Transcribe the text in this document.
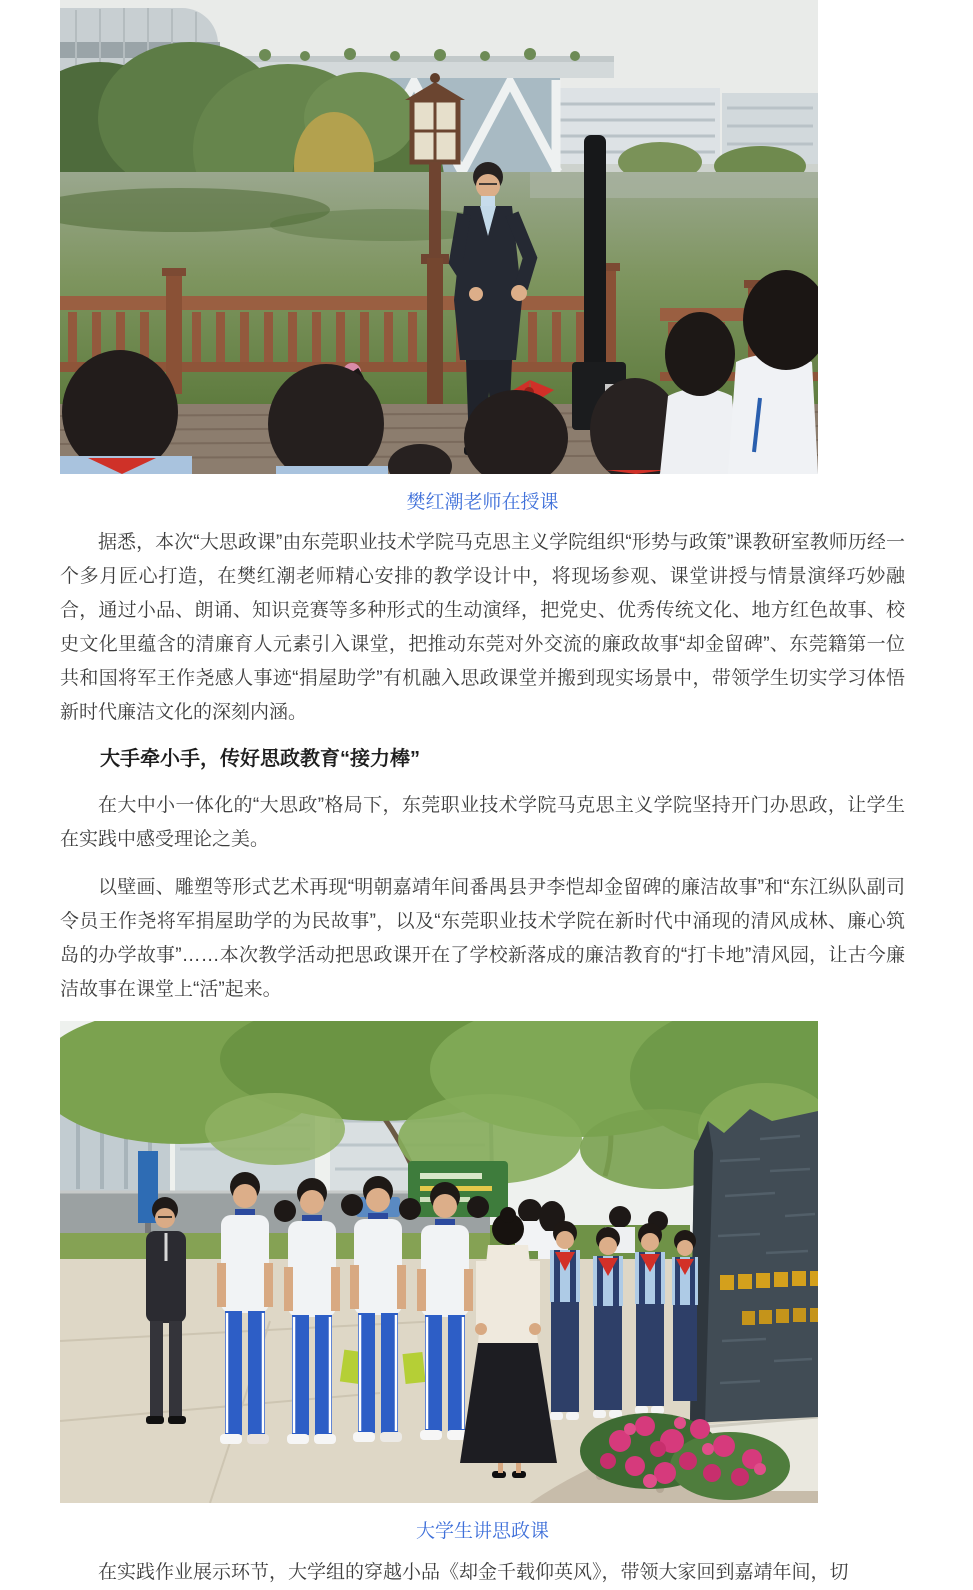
樊红潮老师在授课

据悉，本次“大思政课”由东莞职业技术学院马克思主义学院组织“形势与政策”课教研室教师历经一个多月匠心打造，在樊红潮老师精心安排的教学设计中，将现场参观、课堂讲授与情景演绎巧妙融合，通过小品、朗诵、知识竞赛等多种形式的生动演绎，把党史、优秀传统文化、地方红色故事、校史文化里蕴含的清廉育人元素引入课堂，把推动东莞对外交流的廉政故事“却金留碑”、东莞籍第一位共和国将军王作尧感人事迹“捐屋助学”有机融入思政课堂并搬到现实场景中，带领学生切实学习体悟新时代廉洁文化的深刻内涵。

大手牵小手，传好思政教育“接力棒”

在大中小一体化的“大思政”格局下，东莞职业技术学院马克思主义学院坚持开门办思政，让学生在实践中感受理论之美。

以壁画、雕塑等形式艺术再现“明朝嘉靖年间番禺县尹李恺却金留碑的廉洁故事”和“东江纵队副司令员王作尧将军捐屋助学的为民故事”，以及“东莞职业技术学院在新时代中涌现的清风成林、廉心筑岛的办学故事”……本次教学活动把思政课开在了学校新落成的廉洁教育的“打卡地”清风园，让古今廉洁故事在课堂上“活”起来。

大学生讲思政课

在实践作业展示环节，大学组的穿越小品《却金千载仰英风》，带领大家回到嘉靖年间，切
